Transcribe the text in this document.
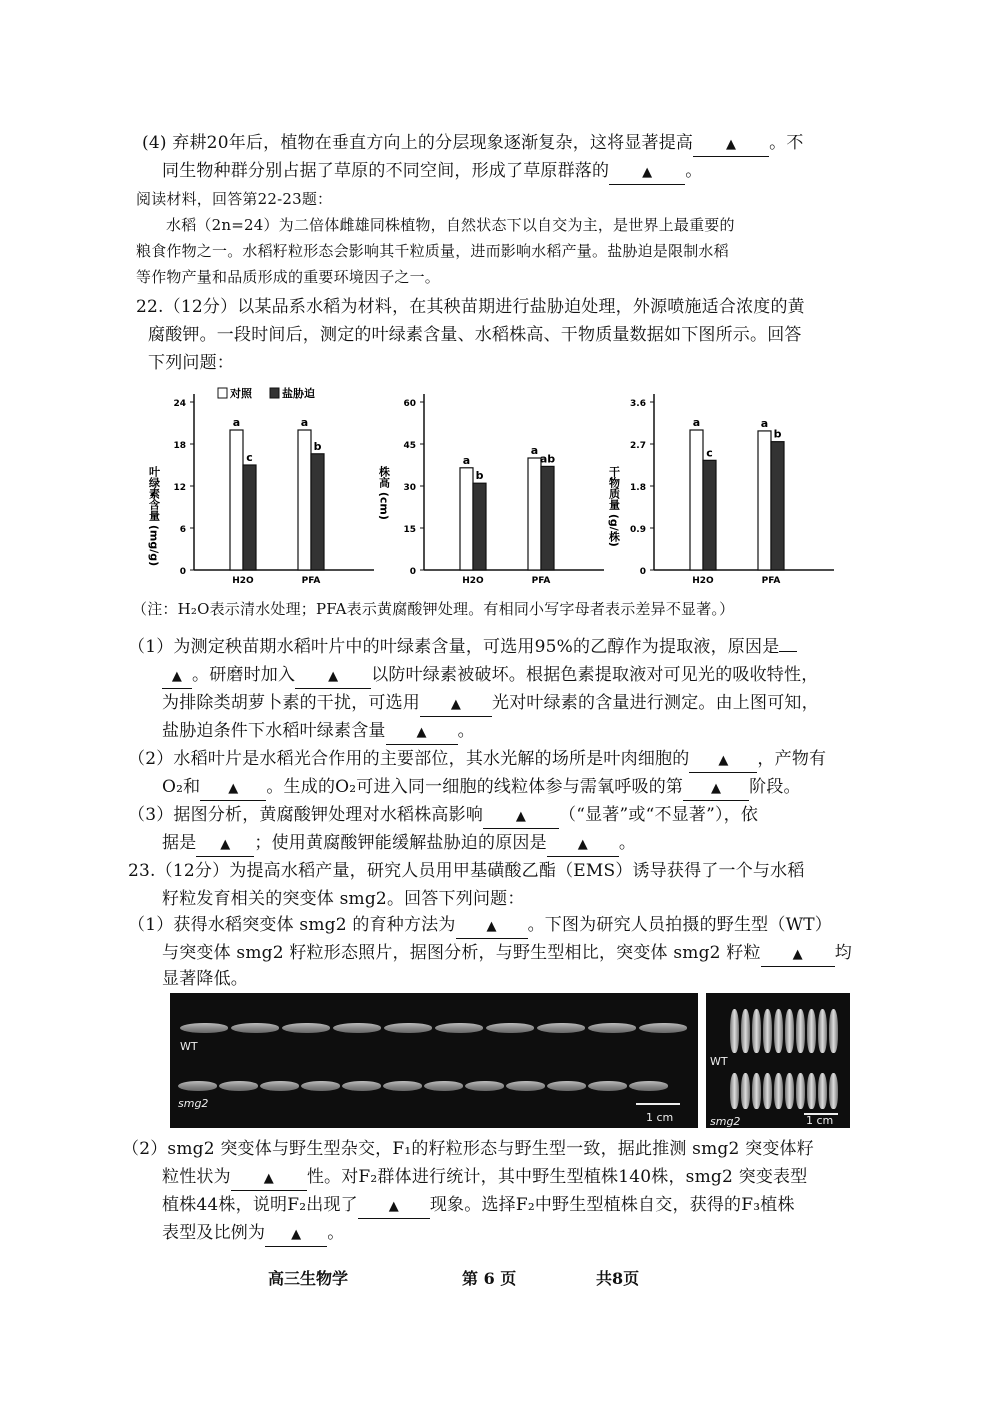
(4) 弃耕20年后，植物在垂直方向上的分层现象逐渐复杂，这将显著提高	▲ 。不
同生物种群分别占据了草原的不同空间，形成了草原群落的	▲ 。
阅读材料，回答第22-23题：
水稻（2n=24）为二倍体雌雄同株植物，自然状态下以自交为主，是世界上最重要的
粮食作物之一。水稻籽粒形态会影响其千粒质量，进而影响水稻产量。盐胁迫是限制水稻
等作物产量和品质形成的重要环境因子之一。
22.（12分）以某品系水稻为材料，在其秧苗期进行盐胁迫处理，外源喷施适合浓度的黄
腐酸钾。一段时间后，测定的叶绿素含量、水稻株高、干物质量数据如下图所示。回答
下列问题：
0
6
12
18
24
叶绿素含量 (mg/g)
H2O
a
c
PFA
a
b
对照	盐胁迫
0
15
30
45
60
株高 (cm)
H2O
a
b
PFA
a
ab
0
0.9
1.8
2.7
3.6
干物质量 (g/株)
H2O
a
c
PFA
a
b
（注：H₂O表示清水处理；PFA表示黄腐酸钾处理。有相同小写字母者表示差异不显著。）
（1）为测定秧苗期水稻叶片中的叶绿素含量，可选用95%的乙醇作为提取液，原因是
▲ 。研磨时加入	▲ 以防叶绿素被破坏。根据色素提取液对可见光的吸收特性，
为排除类胡萝卜素的干扰，可选用 ▲ 光对叶绿素的含量进行测定。由上图可知，
盐胁迫条件下水稻叶绿素含量 ▲ 。
（2）水稻叶片是水稻光合作用的主要部位，其水光解的场所是叶肉细胞的 ▲ ，产物有
O₂和 ▲ 。生成的O₂可进入同一细胞的线粒体参与需氧呼吸的第 ▲ 阶段。
（3）据图分析，黄腐酸钾处理对水稻株高影响	▲ （“显著”或“不显著”），依
据是 ▲ ；使用黄腐酸钾能缓解盐胁迫的原因是 ▲ 。
23.（12分）为提高水稻产量，研究人员用甲基磺酸乙酯（EMS）诱导获得了一个与水稻
籽粒发育相关的突变体 smg2。回答下列问题：
（1）获得水稻突变体 smg2 的育种方法为 ▲ 。下图为研究人员拍摄的野生型（WT）
与突变体 smg2 籽粒形态照片，据图分析，与野生型相比，突变体 smg2 籽粒 ▲ 均
显著降低。
WT
smg2
1 cm
WT
smg2	1 cm
（2）smg2 突变体与野生型杂交，F₁的籽粒形态与野生型一致，据此推测 smg2 突变体籽
粒性状为	▲ 性。对F₂群体进行统计，其中野生型植株140株，smg2 突变表型
植株44株，说明F₂出现了 ▲ 现象。选择F₂中野生型植株自交，获得的F₃植株
表型及比例为 ▲ 。
高三生物学	第 6 页	共8页
